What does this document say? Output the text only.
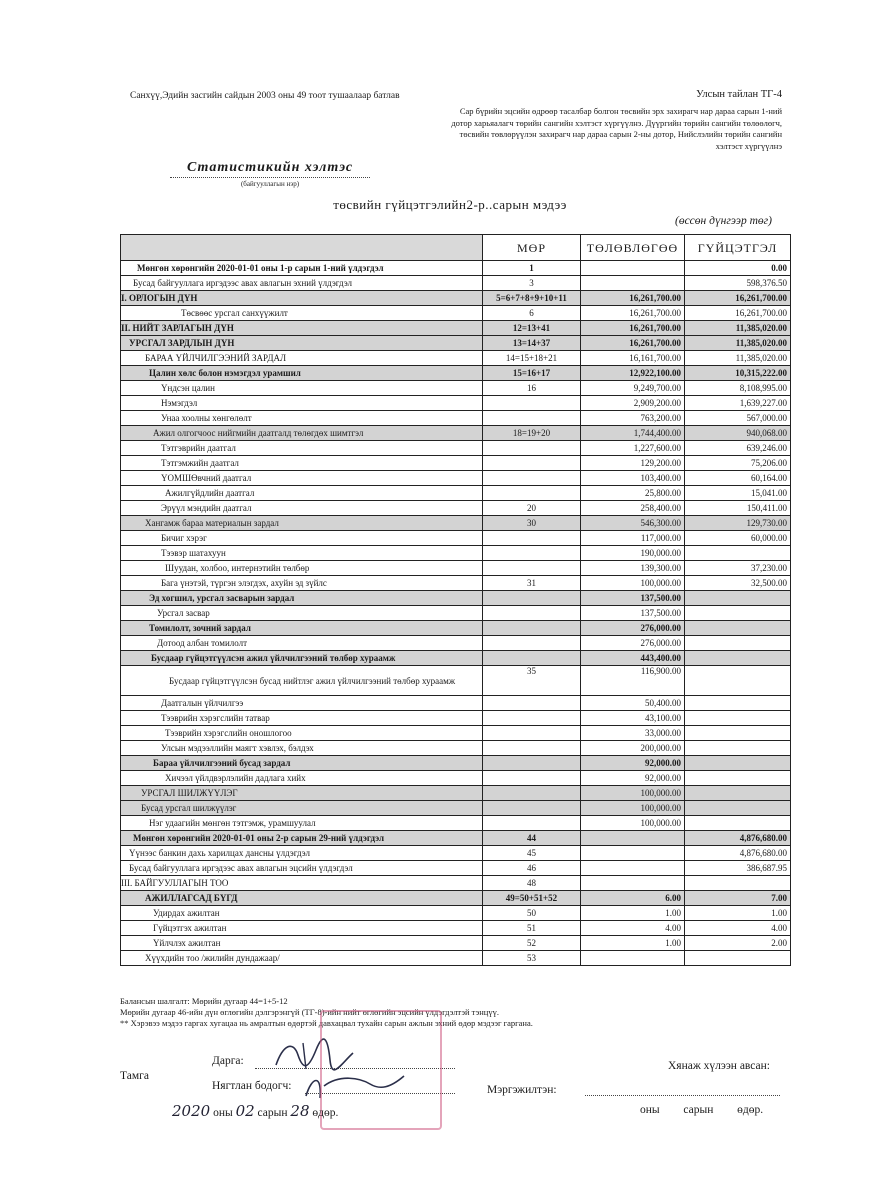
Санхүү,Эдийн засгийн сайдын 2003 оны 49 тоот тушаалаар батлав	Улсын тайлан ТГ-4
Сар бүрийн эцсийн өдрөөр тасалбар болгон төсвийн эрх захирагч нар дараа сарын 1-ний дотор харьяалагч төрийн сангийн хэлтэст хүргүүлнэ. Дүүргийн төрийн сангийн төлөөлөгч, төсвийн төвлөрүүлэн захирагч нар дараа сарын 2-ны дотор, Нийслэлийн төрийн сангийн хэлтэст хүргүүлнэ
Статистикийн хэлтэс
(байгууллагын нэр)
төсвийн гүйцэтгэлийн2-р..сарын мэдээ
(өссөн дүнгээр төг)
	МӨР	ТӨЛӨВЛӨГӨӨ	ГҮЙЦЭТГЭЛ
Мөнгөн хөрөнгийн 2020-01-01 оны 1-р сарын 1-ний үлдэгдэл	1		0.00
Бусад байгууллага иргэдээс авах авлагын эхний үлдэгдэл	3		598,376.50
I. ОРЛОГЫН ДҮН	5=6+7+8+9+10+11	16,261,700.00	16,261,700.00
Төсвөөс урсгал санхүүжилт	6	16,261,700.00	16,261,700.00
II. НИЙТ ЗАРЛАГЫН ДҮН	12=13+41	16,261,700.00	11,385,020.00
УРСГАЛ ЗАРДЛЫН ДҮН	13=14+37	16,261,700.00	11,385,020.00
БАРАА ҮЙЛЧИЛГЭЭНИЙ ЗАРДАЛ	14=15+18+21	16,161,700.00	11,385,020.00
Цалин хөлс болон нэмэгдэл урамшил	15=16+17	12,922,100.00	10,315,222.00
Үндсэн цалин	16	9,249,700.00	8,108,995.00
Нэмэгдэл		2,909,200.00	1,639,227.00
Унаа хоолны хөнгөлөлт		763,200.00	567,000.00
Ажил олгогчоос нийгмийн даатгалд төлөгдөх шимтгэл	18=19+20	1,744,400.00	940,068.00
Тэтгэврийн даатгал		1,227,600.00	639,246.00
Тэтгэмжийн даатгал		129,200.00	75,206.00
ҮОМШӨвчний даатгал		103,400.00	60,164.00
Ажилгүйдлийн даатгал		25,800.00	15,041.00
Эрүүл мэндийн даатгал	20	258,400.00	150,411.00
Хангамж бараа материалын зардал	30	546,300.00	129,730.00
Бичиг хэрэг		117,000.00	60,000.00
Тээвэр шатахуун		190,000.00	
Шуудан, холбоо, интернэтийн төлбөр		139,300.00	37,230.00
Бага үнэтэй, түргэн элэгдэх, ахуйн эд зүйлс	31	100,000.00	32,500.00
Эд хогшил, урсгал засварын зардал		137,500.00	
Урсгал засвар		137,500.00	
Томилолт, зочний зардал		276,000.00	
Дотоод албан томилолт		276,000.00	
Бусдаар гүйцэтгүүлсэн ажил үйлчилгээний төлбөр хураамж		443,400.00	
Бусдаар гүйцэтгүүлсэн бусад нийтлэг ажил үйлчилгээний төлбөр хураамж	35	116,900.00	
Даатгалын үйлчилгээ		50,400.00	
Тээврийн хэрэгслийн татвар		43,100.00	
Тээврийн хэрэгслийн оношлогоо		33,000.00	
Улсын мэдээллийн маягт хэвлэх, бэлдэх		200,000.00	
Бараа үйлчилгээний бусад зардал		92,000.00	
Хичээл үйлдвэрлэлийн дадлага хийх		92,000.00	
УРСГАЛ ШИЛЖҮҮЛЭГ		100,000.00	
Бусад урсгал шилжүүлэг		100,000.00	
Нэг удаагийн мөнгөн тэтгэмж, урамшуулал		100,000.00	
Мөнгөн хөрөнгийн 2020-01-01 оны 2-р сарын 29-ний үлдэгдэл	44		4,876,680.00
Үүнээс банкин дахь харилцах дансны үлдэгдэл	45		4,876,680.00
Бусад байгууллага иргэдээс авах авлагын эцсийн үлдэгдэл	46		386,687.95
III. БАЙГУУЛЛАГЫН ТОО	48		
АЖИЛЛАГСАД БҮГД	49=50+51+52	6.00	7.00
Удирдах ажилтан	50	1.00	1.00
Гүйцэтгэх ажилтан	51	4.00	4.00
Үйлчлэх ажилтан	52	1.00	2.00
Хүүхдийн тоо /жилийн дундажаар/	53		
Балансын шалгалт: Мөрийн дугаар 44=1+5-12
Мөрийн дугаар 46-ийн дүн өглөгийн дэлгэрэнгүй (ТГ-8)-ийн нийт өглөгийн эцсийн үлдэгдэлтэй тэнцүү.
** Хэрэвээ мэдээ гаргах хугацаа нь амралтын өдөртэй давхацвал тухайн сарын ажлын эхний өдөр мэдээг гаргана.
Дарга:
Тамга
Нягтлан бодогч:
Хянаж хүлээн авсан:
Мэргэжилтэн:
2020 оны 02 сарын 28 өдөр.	оны сарын өдөр.
